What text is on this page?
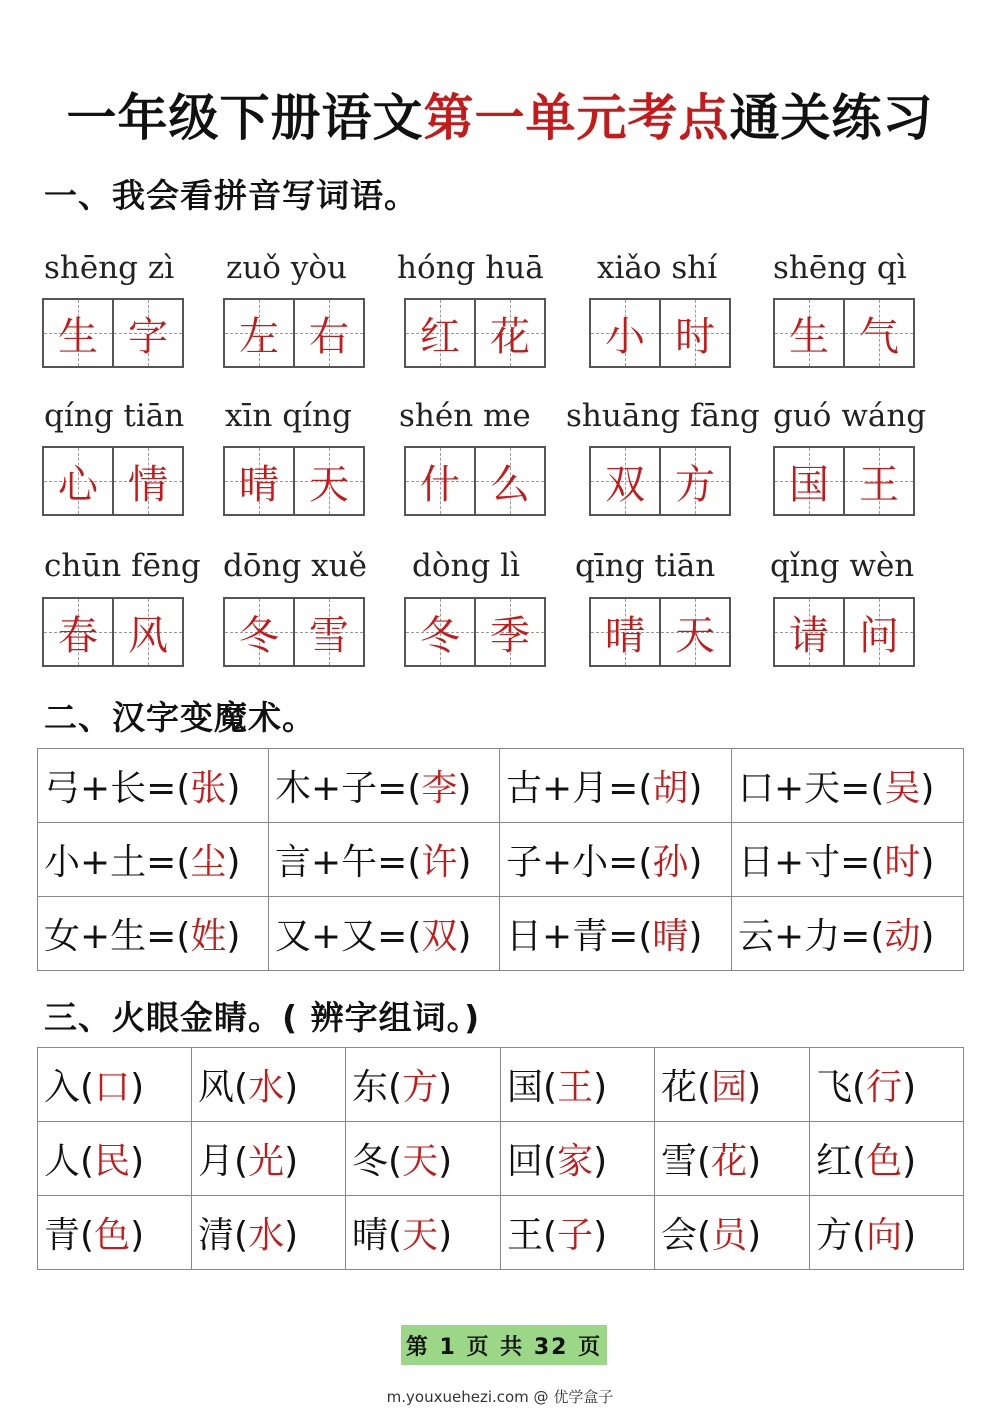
一年级下册语文第一单元考点通关练习
一、我会看拼音写词语。
shēng zì
生 字
zuǒ yòu
左 右
hóng huā
红 花
xiǎo shí
小 时
shēng qì
生 气
qíng tiān
心 情
xīn qíng
晴 天
shén me
什 么
shuāng fāng
双 方
guó wáng
国 王
chūn fēng
春 风
dōng xuě
冬 雪
dòng lì
冬 季
qīng tiān
晴 天
qǐng wèn
请 问
二、汉字变魔术。
弓+长=(张)	木+子=(李)	古+月=(胡)	口+天=(吴)
小+土=(尘)	言+午=(许)	子+小=(孙)	日+寸=(时)
女+生=(姓)	又+又=(双)	日+青=(晴)	云+力=(动)
三、火眼金睛。( 辨字组词。)
入(口)	风(水)	东(方)	国(王)	花(园)	飞(行)
人(民)	月(光)	冬(天)	回(家)	雪(花)	红(色)
青(色)	清(水)	晴(天)	王(子)	会(员)	方(向)
第 1 页 共 32 页
m.youxuehezi.com @ 优学盒子
